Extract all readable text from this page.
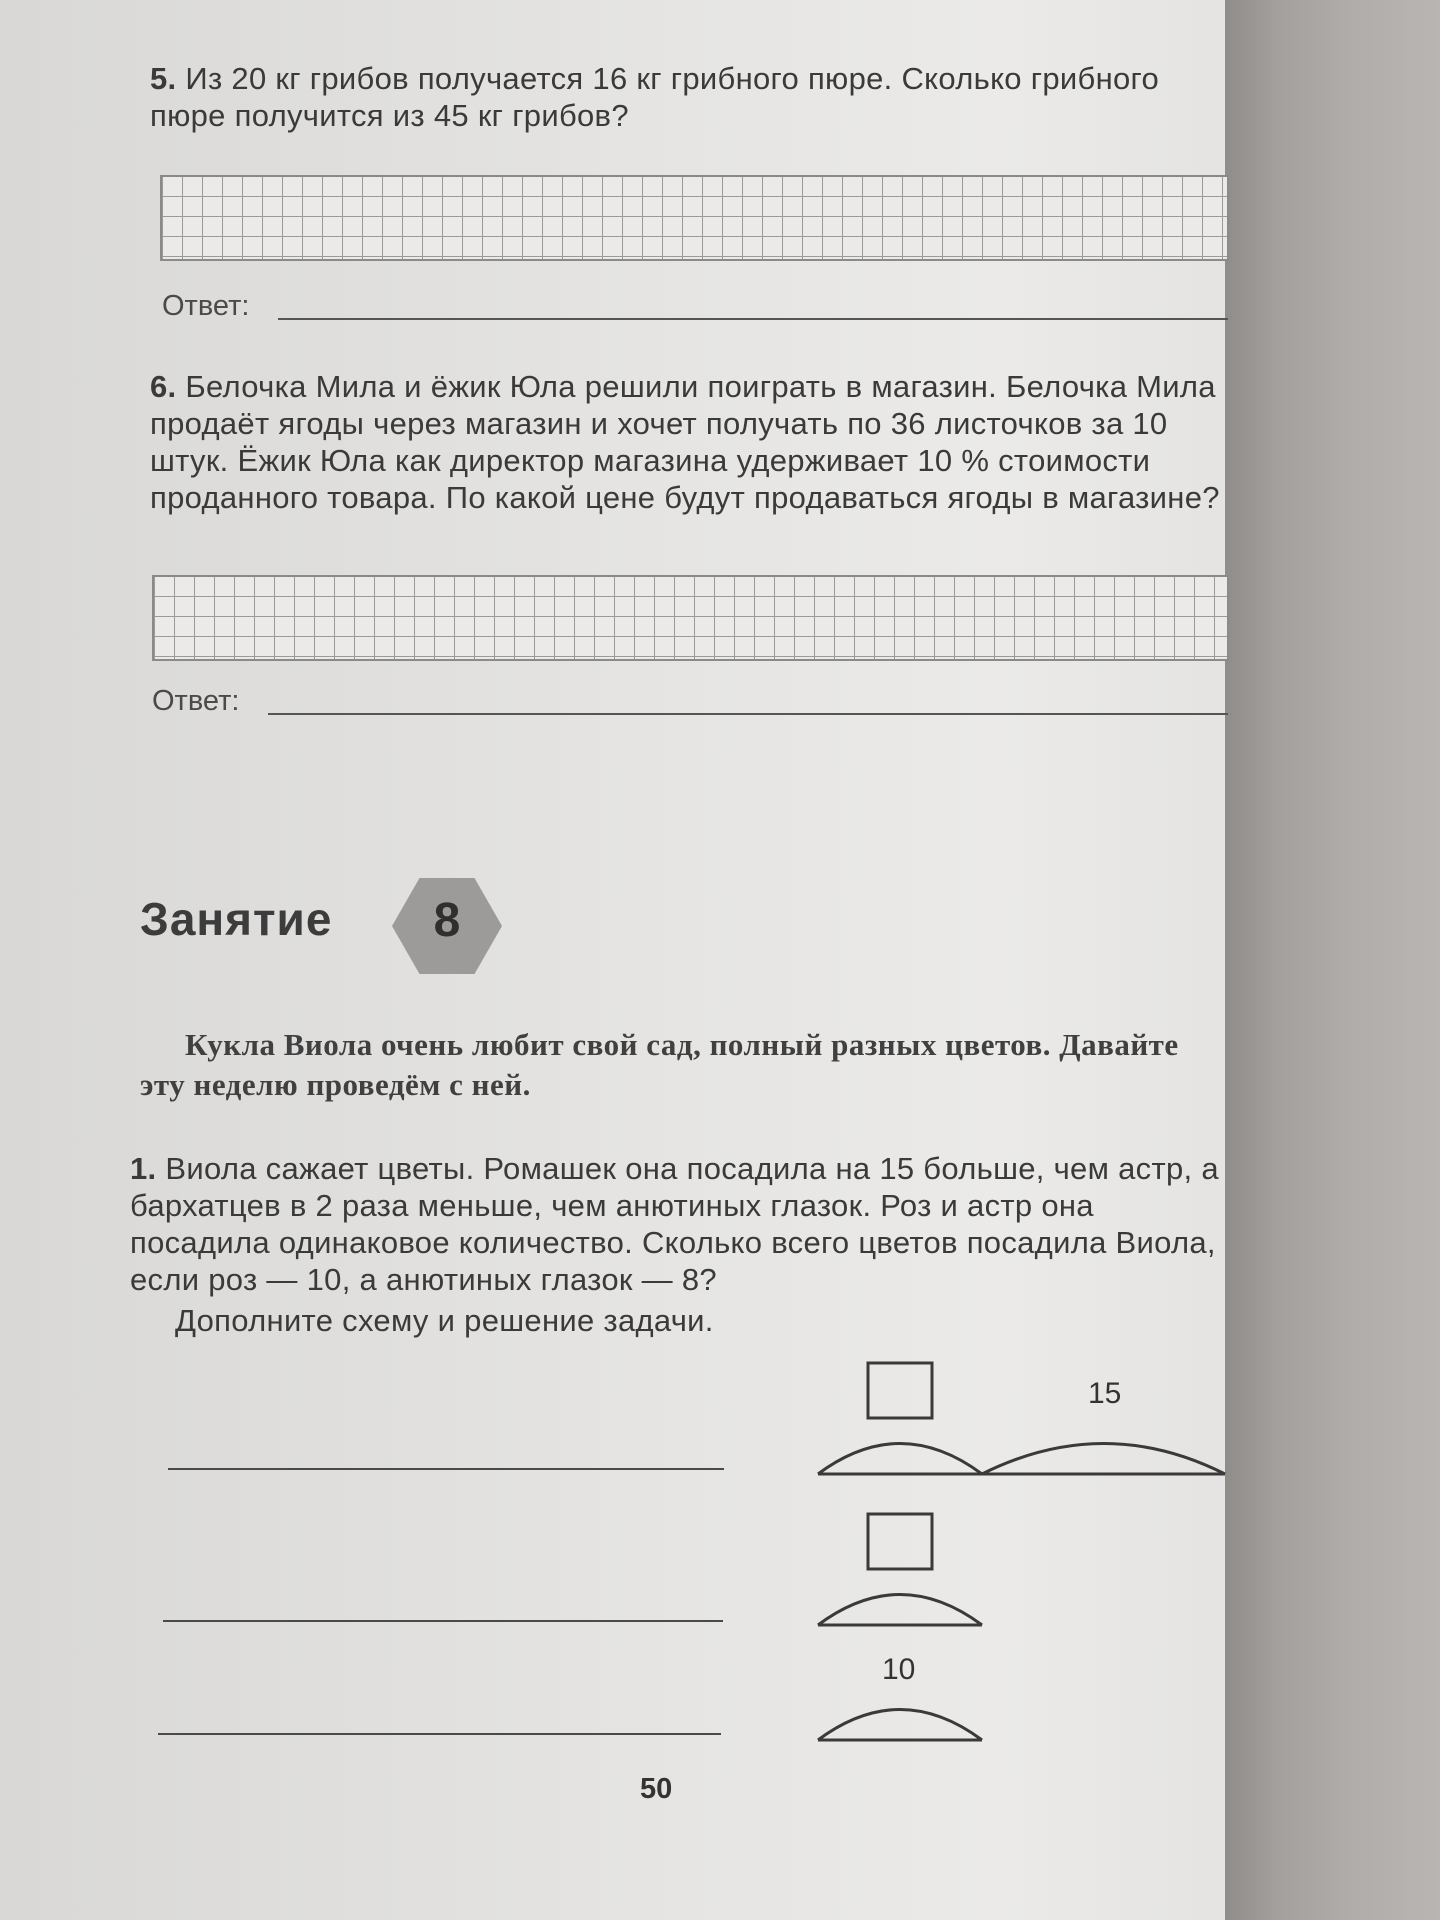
5. Из 20 кг грибов получается 16 кг грибного пюре. Сколько грибного пюре получится из 45 кг грибов?
Ответ:
6. Белочка Мила и ёжик Юла решили поиграть в магазин. Белочка Мила продаёт ягоды через магазин и хочет получать по 36 листочков за 10 штук. Ёжик Юла как директор магазина удерживает 10 % стоимости проданного товара. По какой цене будут продаваться ягоды в магазине?
Ответ:
Занятие	8
Кукла Виола очень любит свой сад, полный разных цветов. Давайте эту неделю проведём с ней.
1. Виола сажает цветы. Ромашек она посадила на 15 больше, чем астр, а бархатцев в 2 раза меньше, чем анютиных глазок. Роз и астр она посадила одинаковое количество. Сколько всего цветов посадила Виола, если роз — 10, а анютиных глазок — 8?
Дополните схему и решение задачи.
15
10
50
